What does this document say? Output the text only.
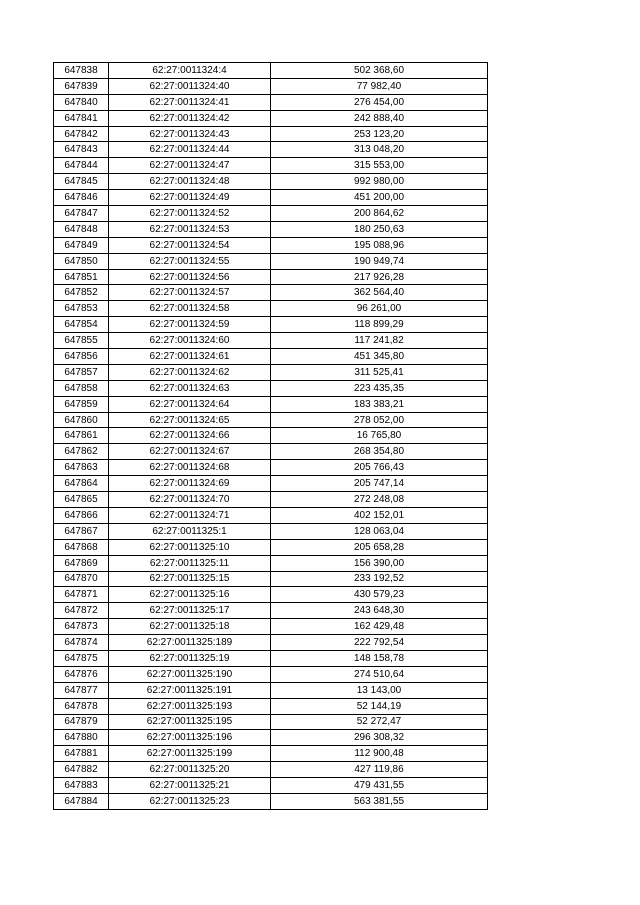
647838	62:27:0011324:4	502 368,60
647839	62:27:0011324:40	77 982,40
647840	62:27:0011324:41	276 454,00
647841	62:27:0011324:42	242 888,40
647842	62:27:0011324:43	253 123,20
647843	62:27:0011324:44	313 048,20
647844	62:27:0011324:47	315 553,00
647845	62:27:0011324:48	992 980,00
647846	62:27:0011324:49	451 200,00
647847	62:27:0011324:52	200 864,62
647848	62:27:0011324:53	180 250,63
647849	62:27:0011324:54	195 088,96
647850	62:27:0011324:55	190 949,74
647851	62:27:0011324:56	217 926,28
647852	62:27:0011324:57	362 564,40
647853	62:27:0011324:58	96 261,00
647854	62:27:0011324:59	118 899,29
647855	62:27:0011324:60	117 241,82
647856	62:27:0011324:61	451 345,80
647857	62:27:0011324:62	311 525,41
647858	62:27:0011324:63	223 435,35
647859	62:27:0011324:64	183 383,21
647860	62:27:0011324:65	278 052,00
647861	62:27:0011324:66	16 765,80
647862	62:27:0011324:67	268 354,80
647863	62:27:0011324:68	205 766,43
647864	62:27:0011324:69	205 747,14
647865	62:27:0011324:70	272 248,08
647866	62:27:0011324:71	402 152,01
647867	62:27:0011325:1	128 063,04
647868	62:27:0011325:10	205 658,28
647869	62:27:0011325:11	156 390,00
647870	62:27:0011325:15	233 192,52
647871	62:27:0011325:16	430 579,23
647872	62:27:0011325:17	243 648,30
647873	62:27:0011325:18	162 429,48
647874	62:27:0011325:189	222 792,54
647875	62:27:0011325:19	148 158,78
647876	62:27:0011325:190	274 510,64
647877	62:27:0011325:191	13 143,00
647878	62:27:0011325:193	52 144,19
647879	62:27:0011325:195	52 272,47
647880	62:27:0011325:196	296 308,32
647881	62:27:0011325:199	112 900,48
647882	62:27:0011325:20	427 119,86
647883	62:27:0011325:21	479 431,55
647884	62:27:0011325:23	563 381,55
